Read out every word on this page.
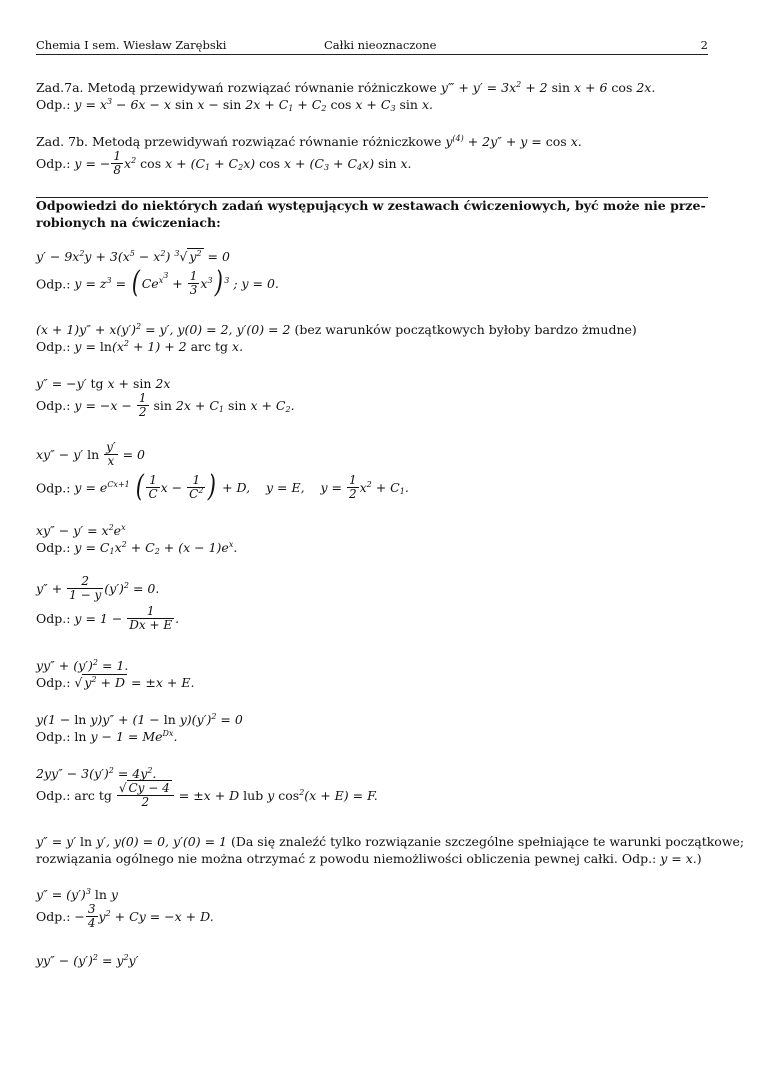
Chemia I sem. Wiesław Zarębski	Całki nieoznaczone	2
Zad.7a. Metodą przewidywań rozwiązać równanie różniczkowe y‴ + $y' = 3x^2 + 2$ sin x + 6 cos 2x.
Odp.: $y = x^3 - 6x - x$ $\sin x - \sin 2x + C_1 + C_2$ $\cos x + C_3$ sin x.
Zad. 7b. Metodą przewidywań rozwiązać równanie różniczkowe $y^{(4)} + 2y'' + y = \cos x$.
Odp.: y = − $\frac{1}{8} x^2$ $\cos x + (C_1 + C_2x)$ $\cos x + (C_3 + C_4x)$ sin x.
Odpowiedzi do niektórych zadań występujących w zestawach ćwiczeniowych, być może nie prze-
robionych na ćwiczeniach:
$y' - 9x^2y + 3(x^5 - x^2)$ $^3$√ $y^2 = 0$
Odp.: $y = z^3$ = ( $Ce^{x^3} + \frac{1}{3} x^3$) $^3$ ; y = 0.
$(x + 1)y'' + x(y')^2 = y'$, y(0) = 2, y′(0) = 2 (bez warunków początkowych byłoby bardzo żmudne)
Odp.: $y = \ln(x^2 + 1) + 2$ arc tg x.
y″ = −y′ tg x + sin 2x
Odp.: $y = -x - \frac{1}{2}$ $\sin 2x + C_1$ $\sin x + C_2$.
xy″ − y′ $\ln \frac{y'}{x} = 0$
Odp.: $y = e^{Cx+1}$ ( $\frac{1}{C}$ $x - \frac{1}{C^2}$ ) + D,    y = E,    $y = \frac{1}{2} x^2 + C_1$.
$xy'' - y' = x^2e^x$
Odp.: $y = C_1x^2 + C_2 + (x - 1)e^x$.
$y'' + \frac{2}{1 - y} (y')^2 = 0$.
Odp.: $y = 1 - \frac{1}{Dx + E}$ .
$yy'' + (y')^2 = 1$.
Odp.: √ $y^2 + D = \pm x + E$.
$y(1 - \ln y)y'' + (1 - \ln y)(y')^2 = 0$
Odp.: $\ln y - 1 = Me^{Dx}$.
$2yy'' - 3(y')^2 = 4y^2$.
Odp.: arc tg $\frac{√ Cy - 4}{2} = \pm x + D$ lub y $\cos^2(x + E) = F$.
y″ = y′ ln y′, y(0) = 0, y′(0) = 1 (Da się znaleźć tylko rozwiązanie szczególne spełniające te warunki początkowe;
rozwiązania ogólnego nie można otrzymać z powodu niemożliwości obliczenia pewnej całki. Odp.: y = x.)
$y'' = (y')^3$ ln y
Odp.: − $\frac{3}{4} y^2 + Cy = -x + D$.
$yy'' - (y')^2 = y^2y'$
